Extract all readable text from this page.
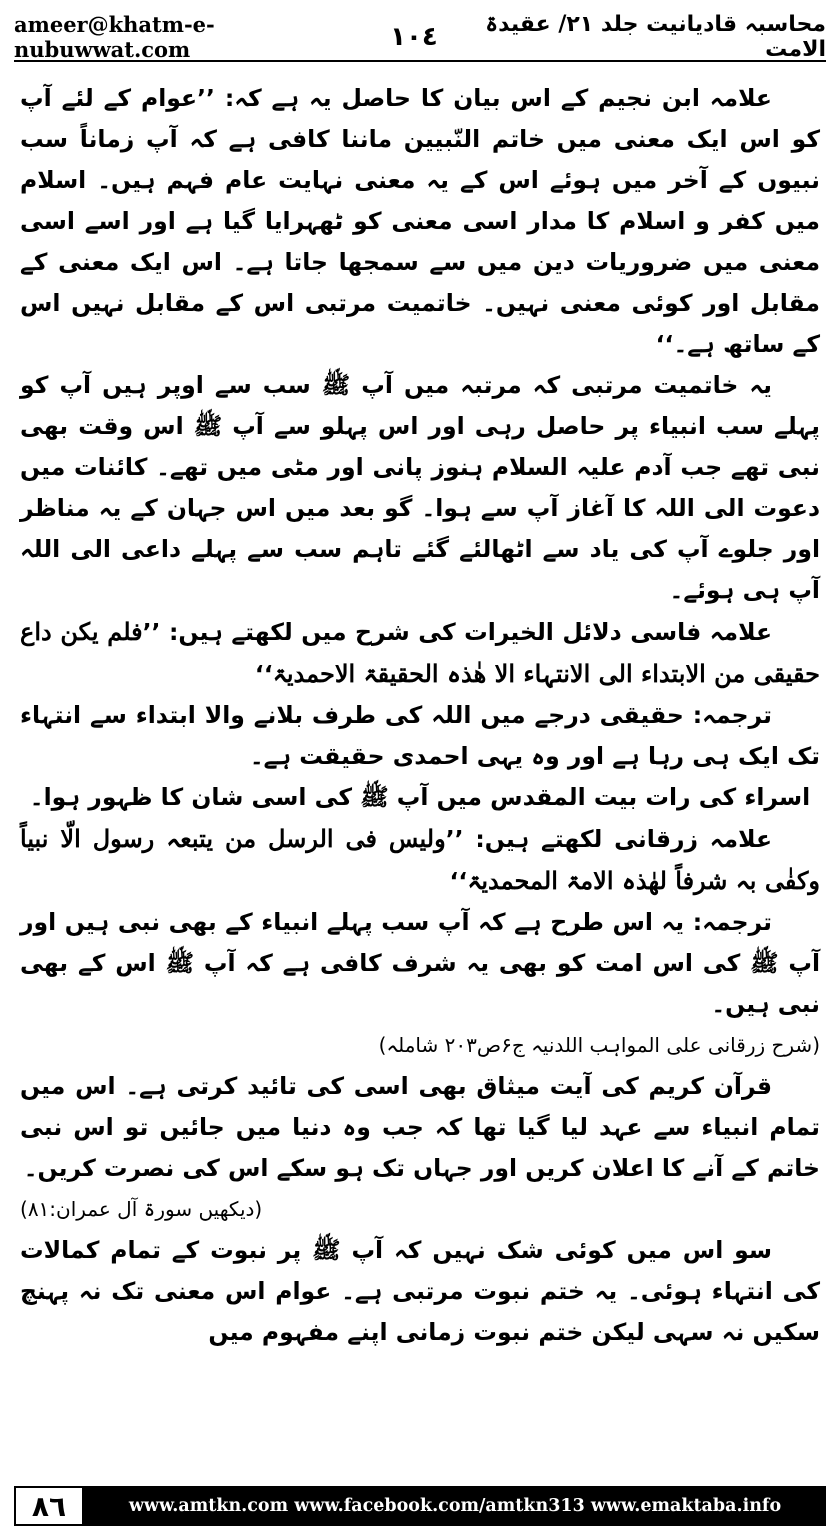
ameer@khatm-e-nubuwwat.com	١٠٤	محاسبہ قادیانیت جلد ۲۱/ عقیدۃ الامت

علامہ ابن نجیم کے اس بیان کا حاصل یہ ہے کہ: ’’عوام کے لئے آپ کو اس ایک معنی میں خاتم النّبیین ماننا کافی ہے کہ آپ زماناً سب نبیوں کے آخر میں ہوئے اس کے یہ معنی نہایت عام فہم ہیں۔ اسلام میں کفر و اسلام کا مدار اسی معنی کو ٹھہرایا گیا ہے اور اسے اسی معنی میں ضروریات دین میں سے سمجھا جاتا ہے۔ اس ایک معنی کے مقابل اور کوئی معنی نہیں۔ خاتمیت مرتبی اس کے مقابل نہیں اس کے ساتھ ہے۔‘‘

یہ خاتمیت مرتبی کہ مرتبہ میں آپ ﷺ سب سے اوپر ہیں آپ کو پہلے سب انبیاء پر حاصل رہی اور اس پہلو سے آپ ﷺ اس وقت بھی نبی تھے جب آدم علیہ السلام ہنوز پانی اور مٹی میں تھے۔ کائنات میں دعوت الی اللہ کا آغاز آپ سے ہوا۔ گو بعد میں اس جہان کے یہ مناظر اور جلوے آپ کی یاد سے اٹھالئے گئے تاہم سب سے پہلے داعی الی اللہ آپ ہی ہوئے۔

علامہ فاسی دلائل الخیرات کی شرح میں لکھتے ہیں: ’’فلم یکن داع حقیقی من الابتداء الی الانتہاء الا ھٰذہ الحقیقۃ الاحمدیۃ‘‘

ترجمہ: حقیقی درجے میں اللہ کی طرف بلانے والا ابتداء سے انتہاء تک ایک ہی رہا ہے اور وہ یہی احمدی حقیقت ہے۔

اسراء کی رات بیت المقدس میں آپ ﷺ کی اسی شان کا ظہور ہوا۔

علامہ زرقانی لکھتے ہیں: ’’ولیس فی الرسل من یتبعہ رسول الّا نبیاً وکفٰی بہ شرفاً لھٰذہ الامۃ المحمدیۃ‘‘

ترجمہ: یہ اس طرح ہے کہ آپ سب پہلے انبیاء کے بھی نبی ہیں اور آپ ﷺ کی اس امت کو بھی یہ شرف کافی ہے کہ آپ ﷺ اس کے بھی نبی ہیں۔

(شرح زرقانی علی المواہب اللدنیہ ج۶ص۲۰۳ شاملہ)

قرآن کریم کی آیت میثاق بھی اسی کی تائید کرتی ہے۔ اس میں تمام انبیاء سے عہد لیا گیا تھا کہ جب وہ دنیا میں جائیں تو اس نبی خاتم کے آنے کا اعلان کریں اور جہاں تک ہو سکے اس کی نصرت کریں۔

(دیکھیں سورۃ آل عمران:۸۱)

سو اس میں کوئی شک نہیں کہ آپ ﷺ پر نبوت کے تمام کمالات کی انتہاء ہوئی۔ یہ ختم نبوت مرتبی ہے۔ عوام اس معنی تک نہ پہنچ سکیں نہ سہی لیکن ختم نبوت زمانی اپنے مفہوم میں

٨٦	www.amtkn.com www.facebook.com/amtkn313 www.emaktaba.info
